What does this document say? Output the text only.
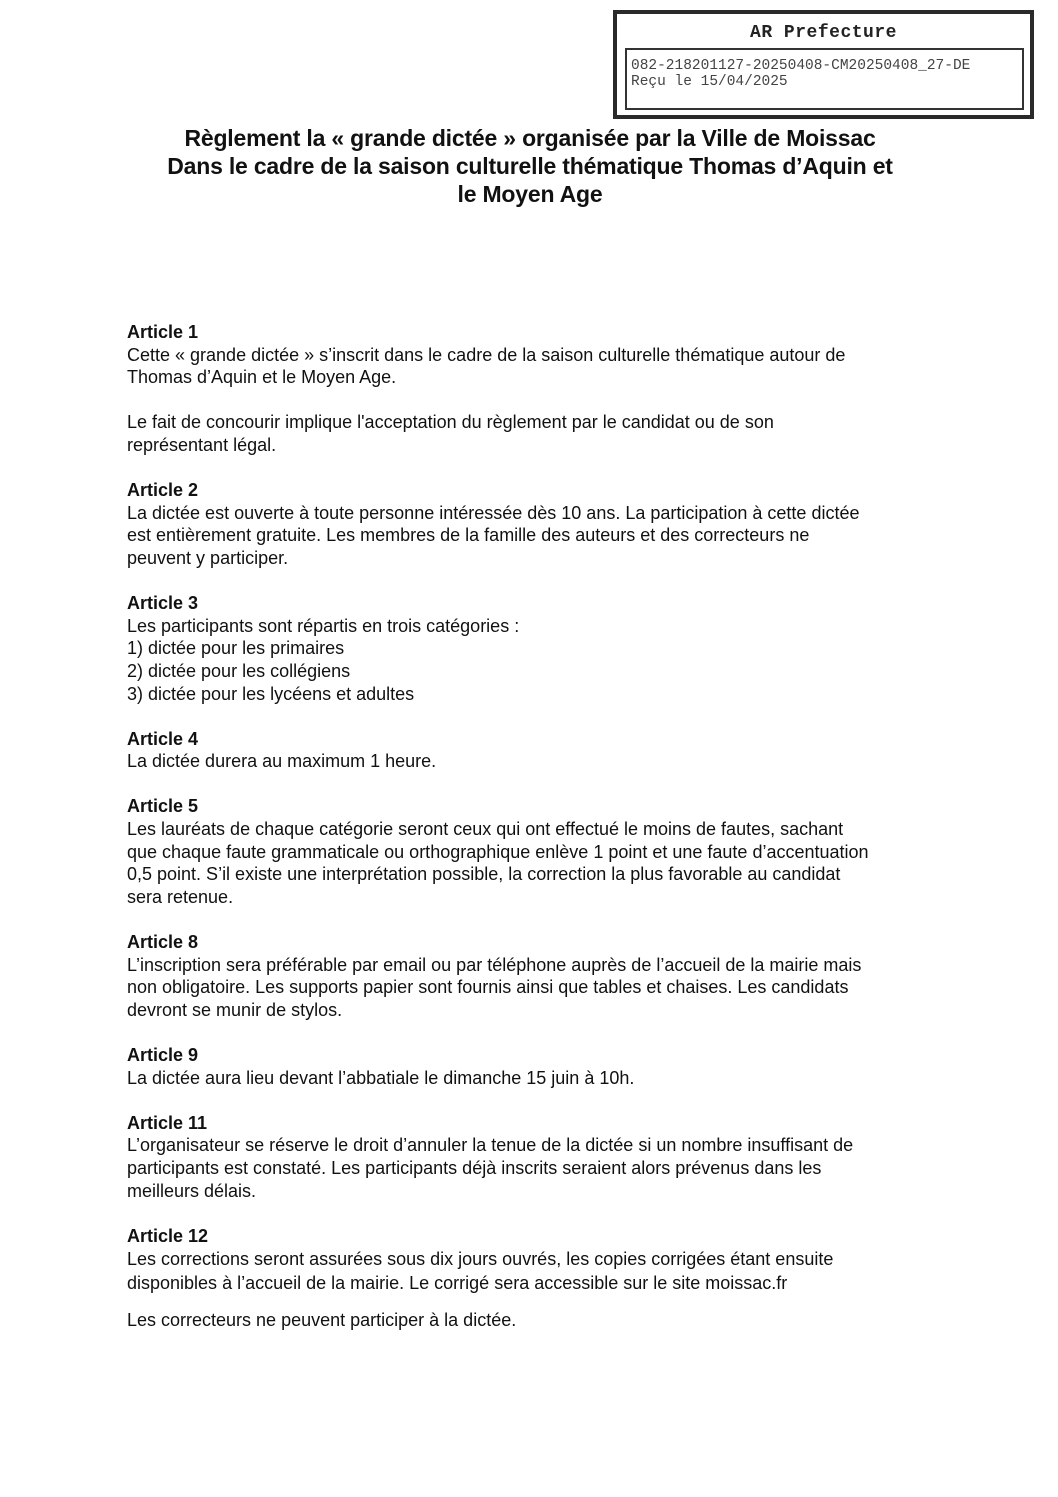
AR Prefecture
082-218201127-20250408-CM20250408_27-DE
Reçu le 15/04/2025
Règlement la « grande dictée » organisée par la Ville de Moissac
Dans le cadre de la saison culturelle thématique Thomas d’Aquin et
le Moyen Age
Article 1

Cette « grande dictée » s’inscrit dans le cadre de la saison culturelle thématique autour de
Thomas d’Aquin et le Moyen Age.

Le fait de concourir implique l'acceptation du règlement par le candidat ou de son
représentant légal.

Article 2

La dictée est ouverte à toute personne intéressée dès 10 ans. La participation à cette dictée
est entièrement gratuite. Les membres de la famille des auteurs et des correcteurs ne
peuvent y participer.

Article 3

Les participants sont répartis en trois catégories :
1) dictée pour les primaires
2) dictée pour les collégiens
3) dictée pour les lycéens et adultes

Article 4

La dictée durera au maximum 1 heure.

Article 5

Les lauréats de chaque catégorie seront ceux qui ont effectué le moins de fautes, sachant
que chaque faute grammaticale ou orthographique enlève 1 point et une faute d’accentuation
0,5 point. S’il existe une interprétation possible, la correction la plus favorable au candidat
sera retenue.

Article 8

L’inscription sera préférable par email ou par téléphone auprès de l’accueil de la mairie mais
non obligatoire. Les supports papier sont fournis ainsi que tables et chaises. Les candidats
devront se munir de stylos.

Article 9

La dictée aura lieu devant l’abbatiale le dimanche 15 juin à 10h.

Article 11

L’organisateur se réserve le droit d’annuler la tenue de la dictée si un nombre insuffisant de
participants est constaté. Les participants déjà inscrits seraient alors prévenus dans les
meilleurs délais.

Article 12

Les corrections seront assurées sous dix jours ouvrés, les copies corrigées étant ensuite
disponibles à l’accueil de la mairie. Le corrigé sera accessible sur le site moissac.fr

Les correcteurs ne peuvent participer à la dictée.
